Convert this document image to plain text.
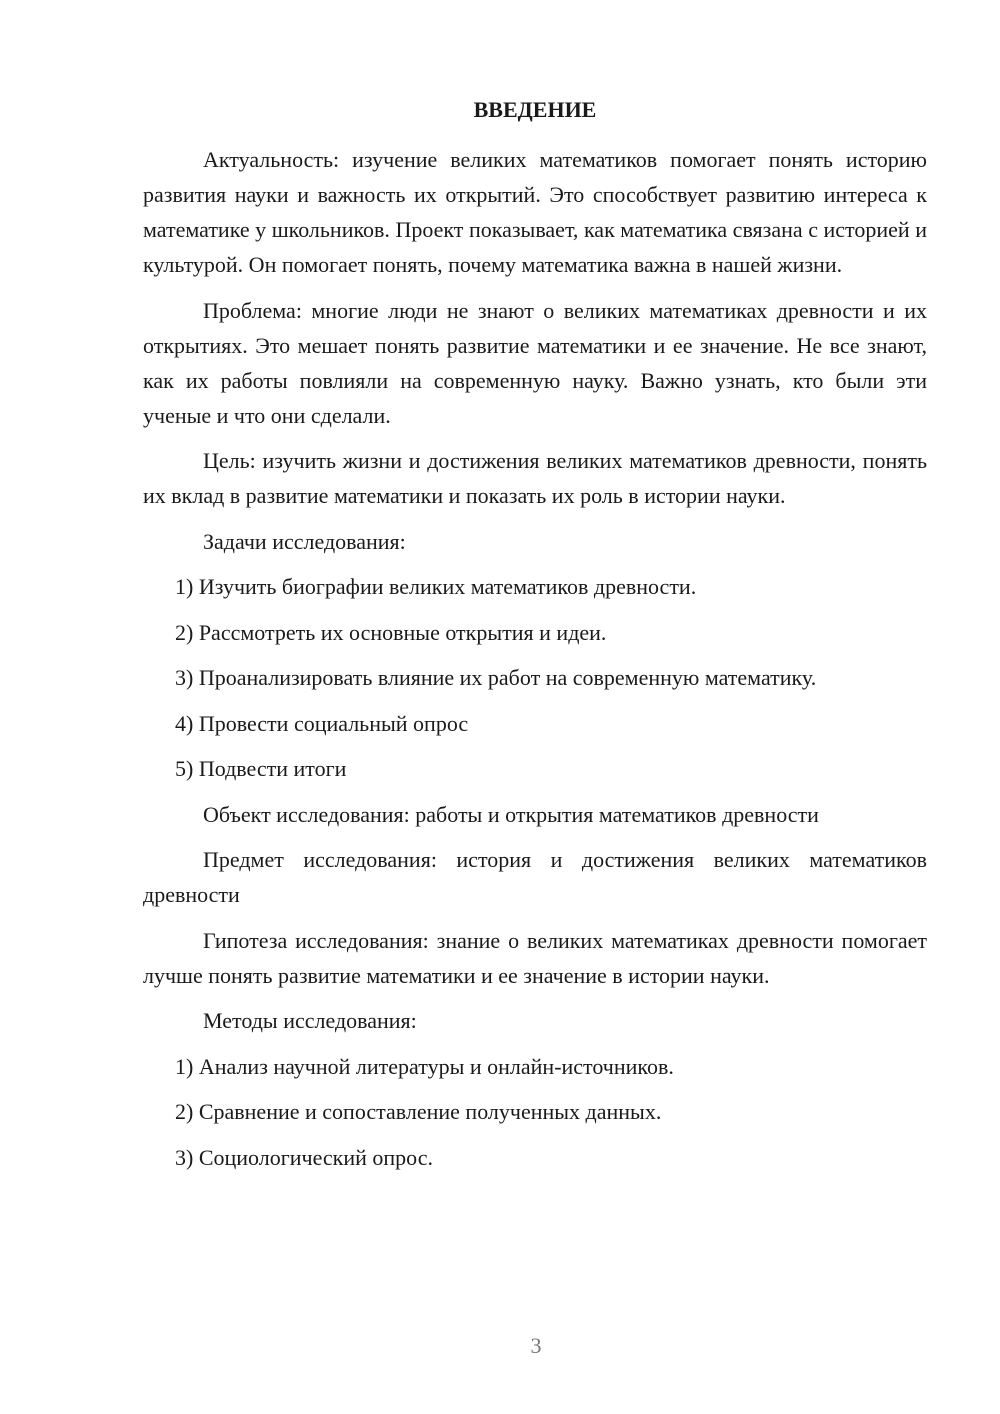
ВВЕДЕНИЕ

Актуальность: изучение великих математиков помогает понять историю развития науки и важность их открытий. Это способствует развитию интереса к математике у школьников. Проект показывает, как математика связана с историей и культурой. Он помогает понять, почему математика важна в нашей жизни.

Проблема: многие люди не знают о великих математиках древности и их открытиях. Это мешает понять развитие математики и ее значение. Не все знают, как их работы повлияли на современную науку. Важно узнать, кто были эти ученые и что они сделали.

Цель: изучить жизни и достижения великих математиков древности, понять их вклад в развитие математики и показать их роль в истории науки.

Задачи исследования:

1) Изучить биографии великих математиков древности.

2) Рассмотреть их основные открытия и идеи.

3) Проанализировать влияние их работ на современную математику.

4) Провести социальный опрос

5) Подвести итоги

Объект исследования: работы и открытия математиков древности

Предмет исследования: история и достижения великих математиков древности

Гипотеза исследования: знание о великих математиках древности помогает лучше понять развитие математики и ее значение в истории науки.

Методы исследования:

1) Анализ научной литературы и онлайн-источников.

2) Сравнение и сопоставление полученных данных.

3) Социологический опрос.

3
